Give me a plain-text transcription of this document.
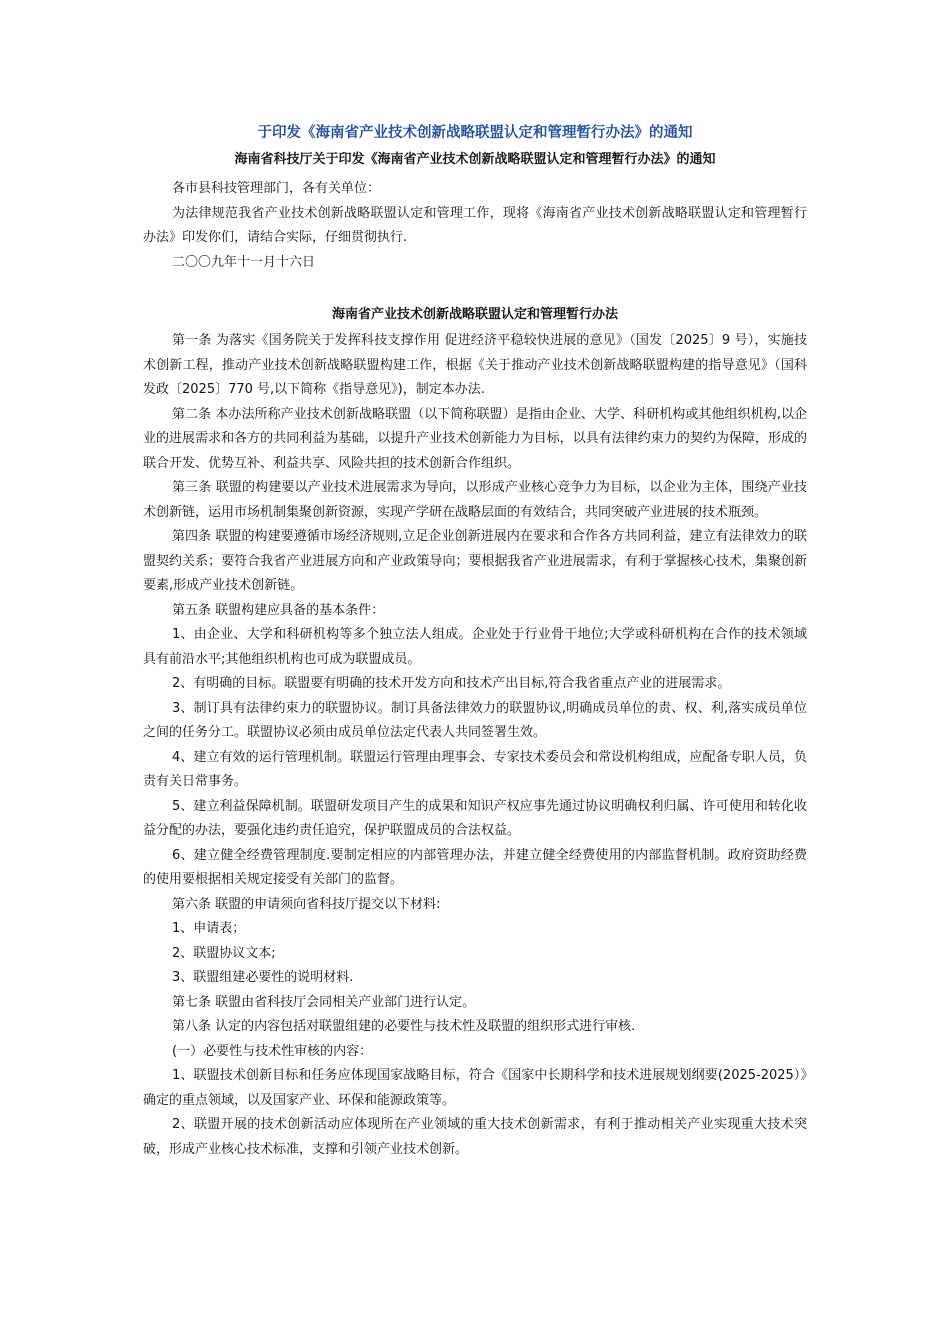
于印发《海南省产业技术创新战略联盟认定和管理暂行办法》的通知
海南省科技厅关于印发《海南省产业技术创新战略联盟认定和管理暂行办法》的通知

各市县科技管理部门，各有关单位：

为法律规范我省产业技术创新战略联盟认定和管理工作，现将《海南省产业技术创新战略联盟认定和管理暂行办法》印发你们，请结合实际，仔细贯彻执行.

二〇〇九年十一月十六日

海南省产业技术创新战略联盟认定和管理暂行办法

第一条 为落实《国务院关于发挥科技支撑作用 促进经济平稳较快进展的意见》（国发〔2025〕9 号），实施技术创新工程，推动产业技术创新战略联盟构建工作，根据《关于推动产业技术创新战略联盟构建的指导意见》（国科发政〔2025〕770 号,以下简称《指导意见》)，制定本办法.

第二条 本办法所称产业技术创新战略联盟（以下简称联盟）是指由企业、大学、科研机构或其他组织机构,以企业的进展需求和各方的共同利益为基础，以提升产业技术创新能力为目标，以具有法律约束力的契约为保障，形成的联合开发、优势互补、利益共享、风险共担的技术创新合作组织。

第三条 联盟的构建要以产业技术进展需求为导向，以形成产业核心竞争力为目标，以企业为主体，围绕产业技术创新链，运用市场机制集聚创新资源，实现产学研在战略层面的有效结合，共同突破产业进展的技术瓶颈。

第四条 联盟的构建要遵循市场经济规则,立足企业创新进展内在要求和合作各方共同利益，建立有法律效力的联盟契约关系；要符合我省产业进展方向和产业政策导向；要根据我省产业进展需求，有利于掌握核心技术，集聚创新要素,形成产业技术创新链。

第五条 联盟构建应具备的基本条件：

1、由企业、大学和科研机构等多个独立法人组成。企业处于行业骨干地位;大学或科研机构在合作的技术领域具有前沿水平;其他组织机构也可成为联盟成员。

2、有明确的目标。联盟要有明确的技术开发方向和技术产出目标,符合我省重点产业的进展需求。

3、制订具有法律约束力的联盟协议。制订具备法律效力的联盟协议,明确成员单位的责、权、利,落实成员单位之间的任务分工。联盟协议必须由成员单位法定代表人共同签署生效。

4、建立有效的运行管理机制。联盟运行管理由理事会、专家技术委员会和常设机构组成，应配备专职人员，负责有关日常事务。

5、建立利益保障机制。联盟研发项目产生的成果和知识产权应事先通过协议明确权利归属、许可使用和转化收益分配的办法，要强化违约责任追究，保护联盟成员的合法权益。

6、建立健全经费管理制度.要制定相应的内部管理办法，并建立健全经费使用的内部监督机制。政府资助经费的使用要根据相关规定接受有关部门的监督。

第六条 联盟的申请须向省科技厅提交以下材料:

1、申请表；

2、联盟协议文本;

3、联盟组建必要性的说明材料.

第七条 联盟由省科技厅会同相关产业部门进行认定。

第八条 认定的内容包括对联盟组建的必要性与技术性及联盟的组织形式进行审核.

(一）必要性与技术性审核的内容：

1、联盟技术创新目标和任务应体现国家战略目标，符合《国家中长期科学和技术进展规划纲要(2025-2025）》确定的重点领域，以及国家产业、环保和能源政策等。

2、联盟开展的技术创新活动应体现所在产业领域的重大技术创新需求，有利于推动相关产业实现重大技术突破，形成产业核心技术标准，支撑和引领产业技术创新。
